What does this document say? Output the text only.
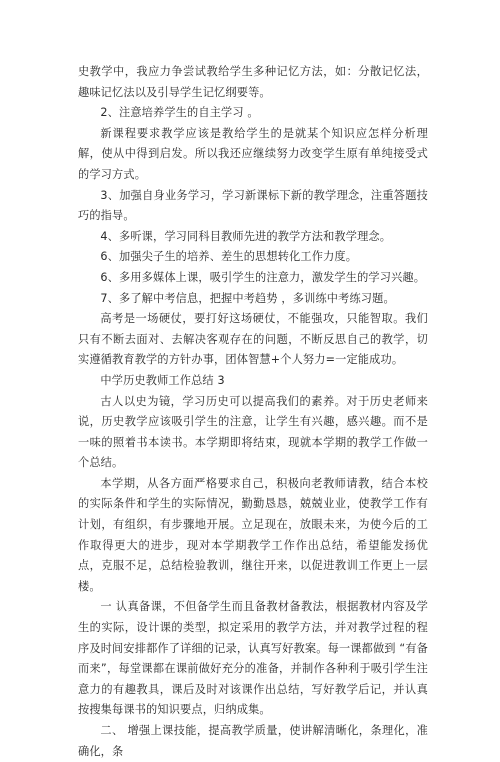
史教学中，我应力争尝试教给学生多种记忆方法，如：分散记忆法，趣味记忆法以及引导学生记忆纲要等。

2、注意培养学生的自主学习 。

新课程要求教学应该是教给学生的是就某个知识应怎样分析理解，使从中得到启发。所以我还应继续努力改变学生原有单纯接受式的学习方式。

3、加强自身业务学习，学习新课标下新的教学理念，注重答题技巧的指导。

4、多听课，学习同科目教师先进的教学方法和教学理念。

6、加强尖子生的培养、差生的思想转化工作力度。

6、多用多媒体上课，吸引学生的注意力，激发学生的学习兴趣。

7、多了解中考信息，把握中考趋势 ，多训练中考练习题。

高考是一场硬仗，要打好这场硬仗，不能强攻，只能智取。我们只有不断去面对、去解决客观存在的问题，不断反思自己的教学，切实遵循教育教学的方针办事，团体智慧+个人努力=一定能成功。

中学历史教师工作总结 3

古人以史为镜，学习历史可以提高我们的素养。对于历史老师来说，历史教学应该吸引学生的注意，让学生有兴趣，感兴趣。而不是一味的照着书本读书。本学期即将结束，现就本学期的教学工作做一个总结。

本学期，从各方面严格要求自己，积极向老教师请教，结合本校的实际条件和学生的实际情况，勤勤恳恳，兢兢业业，使教学工作有计划，有组织，有步骤地开展。立足现在，放眼未来，为使今后的工作取得更大的进步，现对本学期教学工作作出总结，希望能发扬优点，克服不足，总结检验教训，继往开来，以促进教训工作更上一层楼。

一 认真备课，不但备学生而且备教材备教法，根据教材内容及学生的实际，设计课的类型，拟定采用的教学方法，并对教学过程的程序及时间安排都作了详细的记录，认真写好教案。每一课都做到 “有备而来”，每堂课都在课前做好充分的准备，并制作各种利于吸引学生注意力的有趣教具，课后及时对该课作出总结，写好教学后记，并认真按搜集每课书的知识要点，归纳成集。

二、 增强上课技能，提高教学质量，使讲解清晰化，条理化，准确化，条
